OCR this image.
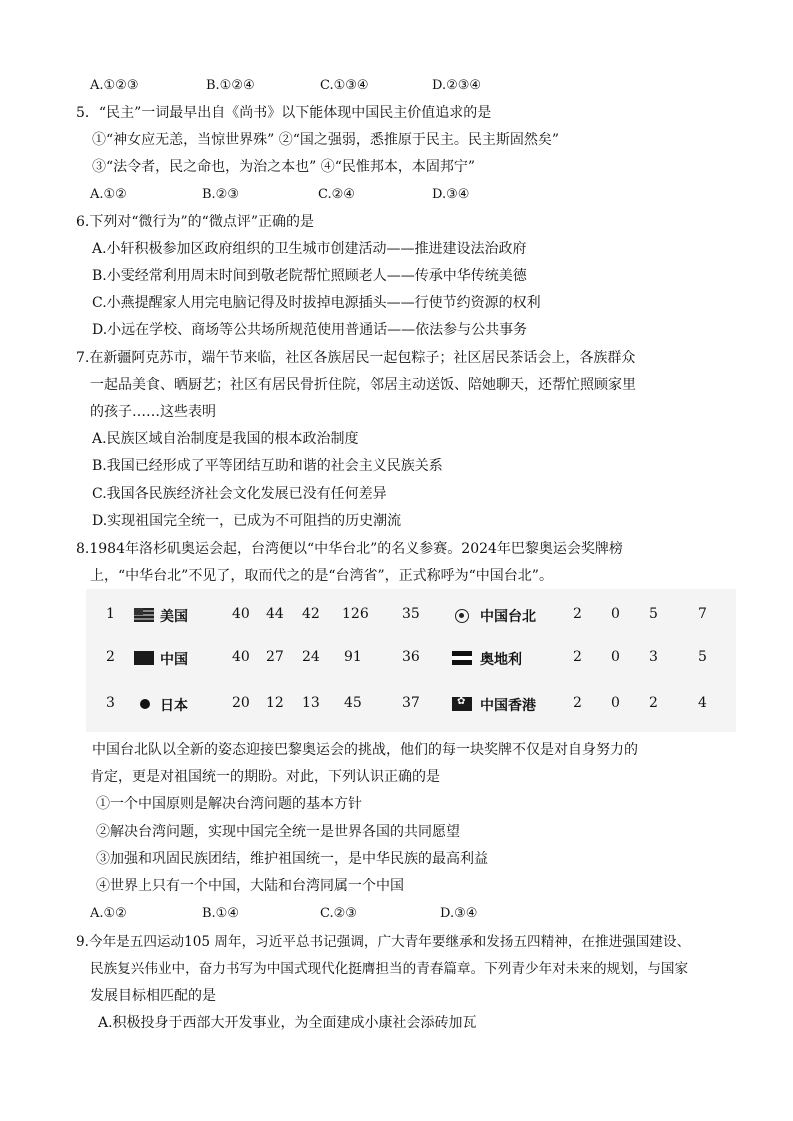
A.①②③	B.①②④	C.①③④	D.②③④
5．“民主”一词最早出自《尚书》以下能体现中国民主价值追求的是
①“神女应无恙，当惊世界殊” ②“国之强弱，悉推原于民主。民主斯固然矣”
③“法令者，民之命也，为治之本也” ④“民惟邦本，本固邦宁”
A.①②	B.②③	C.②④	D.③④
6.下列对“微行为”的“微点评”正确的是
A.小轩积极参加区政府组织的卫生城市创建活动——推进建设法治政府
B.小雯经常利用周末时间到敬老院帮忙照顾老人——传承中华传统美德
C.小燕提醒家人用完电脑记得及时拔掉电源插头——行使节约资源的权利
D.小远在学校、商场等公共场所规范使用普通话——依法参与公共事务
7.在新疆阿克苏市，端午节来临，社区各族居民一起包粽子；社区居民茶话会上，各族群众
一起品美食、晒厨艺；社区有居民骨折住院，邻居主动送饭、陪她聊天，还帮忙照顾家里
的孩子……这些表明
A.民族区域自治制度是我国的根本政治制度
B.我国已经形成了平等团结互助和谐的社会主义民族关系
C.我国各民族经济社会文化发展已没有任何差异
D.实现祖国完全统一，已成为不可阻挡的历史潮流
8.1984年洛杉矶奥运会起，台湾便以“中华台北”的名义参赛。2024年巴黎奥运会奖牌榜
上，“中华台北”不见了，取而代之的是“台湾省”，正式称呼为“中国台北”。
1	美国	40 44 42 126 35	中国台北	2 0 5	7
2	中国	40 27 24 91	36	奥地利	2 0 3	5
3	日本	20 12 13 45	37
✿	中国香港	2 0 2	4
中国台北队以全新的姿态迎接巴黎奥运会的挑战，他们的每一块奖牌不仅是对自身努力的
肯定，更是对祖国统一的期盼。对此，下列认识正确的是
①一个中国原则是解决台湾问题的基本方针
②解决台湾问题，实现中国完全统一是世界各国的共同愿望
③加强和巩固民族团结，维护祖国统一，是中华民族的最高利益
④世界上只有一个中国，大陆和台湾同属一个中国
A.①②	B.①④	C.②③	D.③④
9.今年是五四运动105 周年，习近平总书记强调，广大青年要继承和发扬五四精神，在推进强国建设、
民族复兴伟业中，奋力书写为中国式现代化挺膺担当的青春篇章。下列青少年对未来的规划，与国家
发展目标相匹配的是
A.积极投身于西部大开发事业，为全面建成小康社会添砖加瓦
